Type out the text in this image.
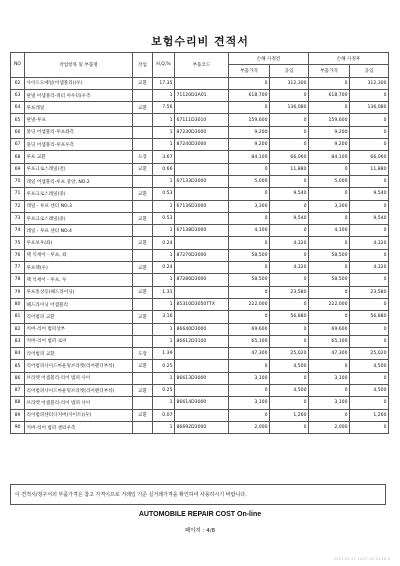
보험수리비 견적서
NO	작업항목 및 부품명	작업	H,Q,%	부품코드	손해 사정전		손해 사정후	
					부품가격	공임	부품가격	공임
62	사이드도메일(어셈블리)(우)	교환	17.35		0	312,300	0	312,300
63	판넬 어셈블리-쿼터 아우터(우측		1	71120D3A01	618,700	0	618,700	0
64	루프레일	교환	7.56		0	136,080	0	136,080
65	판넬-루프		1	67111D3010	159,600	0	159,600	0
66	몰딩 어셈블리-루프좌측		1	87230D3000	9,200	0	9,200	0
67	몰딩 어셈블리-루프우측		1	87240D3000	9,200	0	9,200	0
68	루프 교환	도장	3.67		84,100	66,060	84,100	66,060
69	루프크로스레일(전)	교환	0.66		0	11,880	0	11,880
70	레일 어셈블리-루프 중앙, NO.2		1	67133D3000	5,000	0	5,000	0
71	루프크로스레일(중)	교환	0.53		0	9,540	0	9,540
72	레일 - 루프 센터 NO.3		1	67136D3000	3,300	0	3,300	0
73	루프크로스레일(중)	교환	0.53		0	9,540	0	9,540
74	레일 - 루프 센터 NO.4		1	67138D3000	4,100	0	4,100	0
75	루프보우(좌)	교환	0.24		0	4,320	0	4,320
76	랙 익세어 - 루프, 좌		1	87270D3000	58,500	0	58,500	0
77	루프랙(우)	교환	0.24		0	4,320	0	4,320
78	랙 익세어 - 루프, 우		1	87280D3000	58,500	0	58,500	0
79	루프통상등(헤드라이닝)	교환	1.31		0	23,580	0	23,580
80	헤드라이닝 어셈블리		1	85310D3050TTX	222,000	0	222,000	0
81	리어범퍼 교환	교환	3.16		0	56,880	0	56,880
82	커버-리어 범퍼상부		1	86640D3000	69,600	0	69,600	0
83	커버-리어 범퍼 로어		1	86612D3100	65,100	0	65,100	0
84	리어범퍼 교환	도장	1.39		47,300	25,020	47,300	25,020
85	리어범퍼사이드마운팅브라켓(리어펜더부착)	교환	0.25		0	4,500	0	4,500
86	브라켓 어셈블리-리어 범퍼 사이		1	86613D3000	3,100	0	3,100	0
87	리어범퍼사이드마운팅브라켓(리어펜더부착)	교환	0.25		0	4,500	0	4,500
88	브라켓 어셈블리-리어 범퍼 사이		1	86614D3000	3,100	0	3,100	0
89	리어범퍼센터디커버(사이트)(우)	교환	0.07		0	1,260	0	1,260
90	커버-리어 범퍼 센터우측		1	86692D3000	2,000	0	2,000	0
이 견적서/청구서의 부품가격은 참고 가격이므로 거래일 기준 실거래가격을 확인하여 사용하시기 바랍니다.
AUTOMOBILE REPAIR COST On-line
페이지 : 4/8
2021-05-31 10:37:10 V1.18.0
